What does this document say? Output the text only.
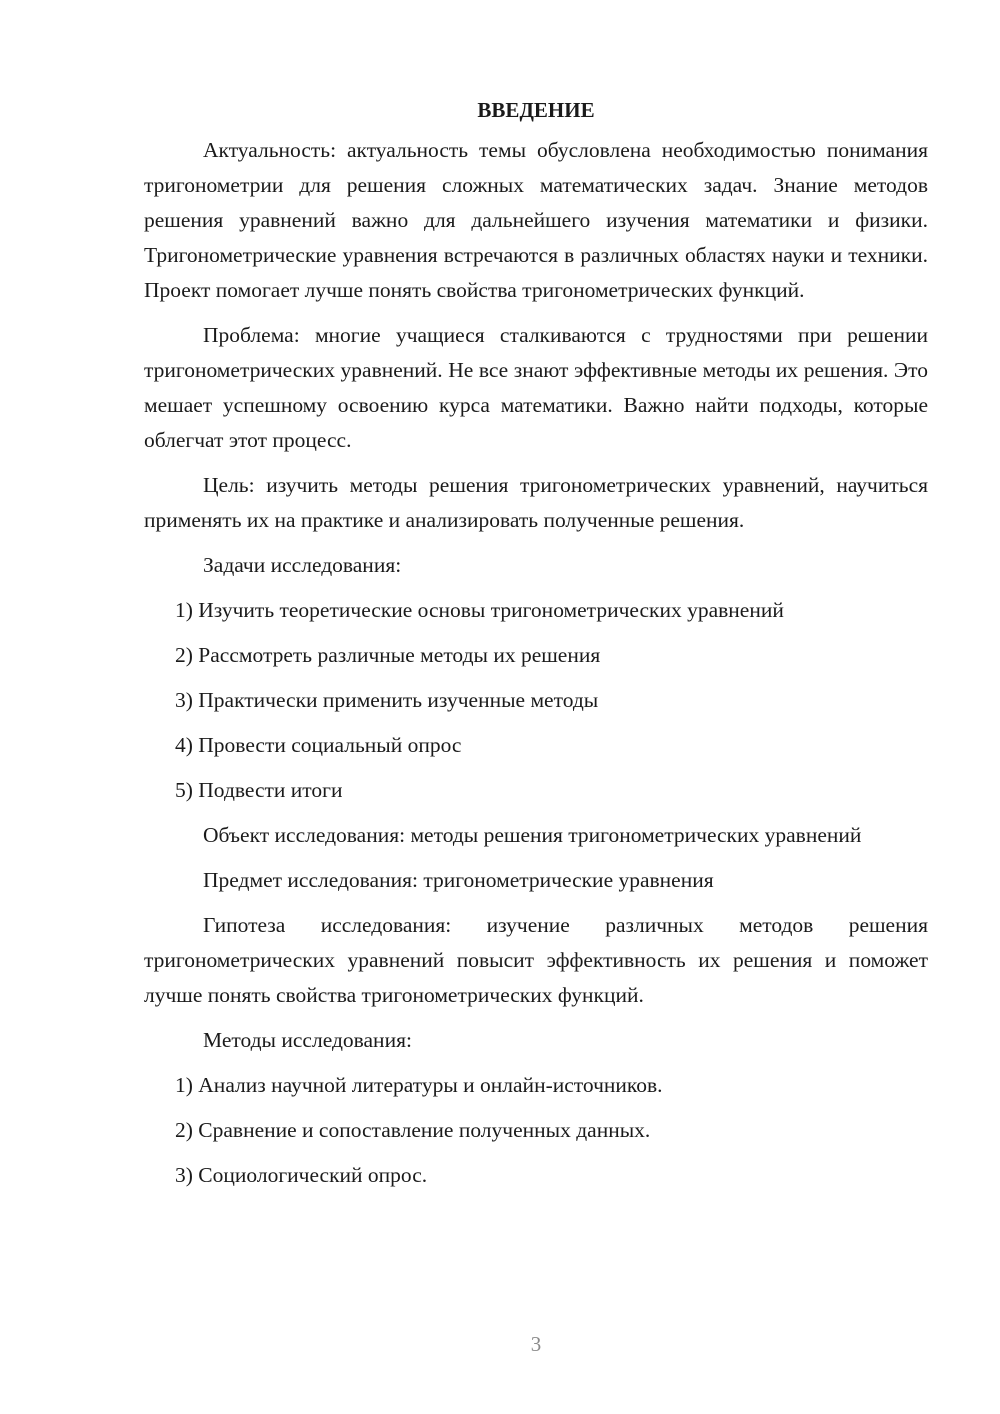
ВВЕДЕНИЕ

Актуальность: актуальность темы обусловлена необходимостью понимания тригонометрии для решения сложных математических задач. Знание методов решения уравнений важно для дальнейшего изучения математики и физики. Тригонометрические уравнения встречаются в различных областях науки и техники. Проект помогает лучше понять свойства тригонометрических функций.

Проблема: многие учащиеся сталкиваются с трудностями при решении тригонометрических уравнений. Не все знают эффективные методы их решения. Это мешает успешному освоению курса математики. Важно найти подходы, которые облегчат этот процесс.

Цель: изучить методы решения тригонометрических уравнений, научиться применять их на практике и анализировать полученные решения.

Задачи исследования:
1) Изучить теоретические основы тригонометрических уравнений
2) Рассмотреть различные методы их решения
3) Практически применить изученные методы
4) Провести социальный опрос
5) Подвести итоги

Объект исследования: методы решения тригонометрических уравнений

Предмет исследования: тригонометрические уравнения

Гипотеза исследования: изучение различных методов решения тригонометрических уравнений повысит эффективность их решения и поможет лучше понять свойства тригонометрических функций.

Методы исследования:
1) Анализ научной литературы и онлайн-источников.
2) Сравнение и сопоставление полученных данных.
3) Социологический опрос.
3
